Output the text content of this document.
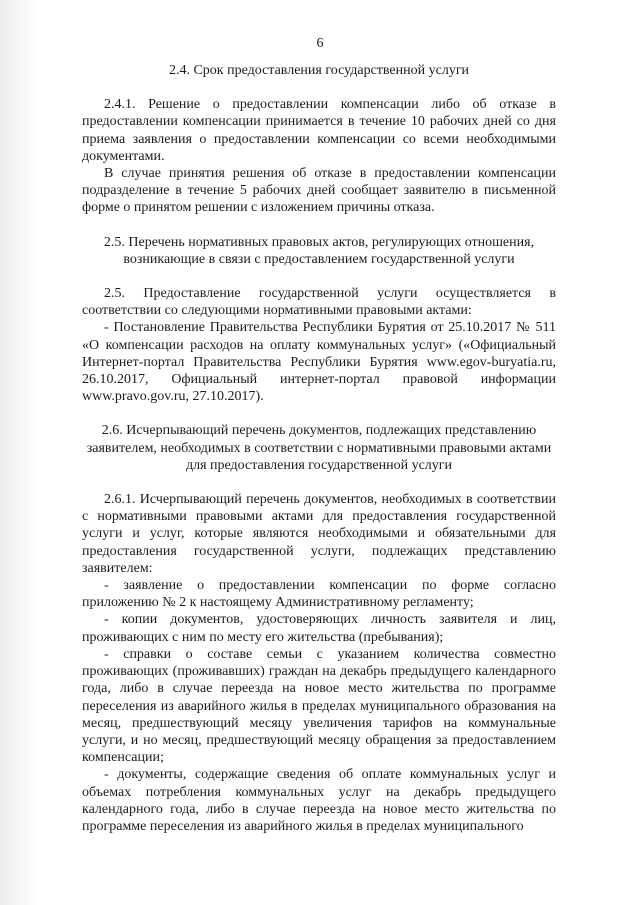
6

2.4. Срок предоставления государственной услуги

2.4.1. Решение о предоставлении компенсации либо об отказе в предоставлении компенсации принимается в течение 10 рабочих дней со дня приема заявления о предоставлении компенсации со всеми необходимыми документами.

В случае принятия решения об отказе в предоставлении компенсации подразделение в течение 5 рабочих дней сообщает заявителю в письменной форме о принятом решении с изложением причины отказа.

2.5. Перечень нормативных правовых актов, регулирующих отношения,

возникающие в связи с предоставлением государственной услуги

2.5. Предоставление государственной услуги осуществляется в соответствии со следующими нормативными правовыми актами:

- Постановление Правительства Республики Бурятия от 25.10.2017 № 511 «О компенсации расходов на оплату коммунальных услуг» («Официальный Интернет-портал Правительства Республики Бурятия www.egov-buryatia.ru, 26.10.2017, Официальный интернет-портал правовой информации www.pravo.gov.ru, 27.10.2017).

2.6. Исчерпывающий перечень документов, подлежащих представлению

заявителем, необходимых в соответствии с нормативными правовыми актами

для предоставления государственной услуги

2.6.1. Исчерпывающий перечень документов, необходимых в соответствии с нормативными правовыми актами для предоставления государственной услуги и услуг, которые являются необходимыми и обязательными для предоставления государственной услуги, подлежащих представлению заявителем:

- заявление о предоставлении компенсации по форме согласно приложению № 2 к настоящему Административному регламенту;

- копии документов, удостоверяющих личность заявителя и лиц, проживающих с ним по месту его жительства (пребывания);

- справки о составе семьи с указанием количества совместно проживающих (проживавших) граждан на декабрь предыдущего календарного года, либо в случае переезда на новое место жительства по программе переселения из аварийного жилья в пределах муниципального образования на месяц, предшествующий месяцу увеличения тарифов на коммунальные услуги, и но месяц, предшествующий месяцу обращения за предоставлением компенсации;

- документы, содержащие сведения об оплате коммунальных услуг и объемах потребления коммунальных услуг на декабрь предыдущего календарного года, либо в случае переезда на новое место жительства по программе переселения из аварийного жилья в пределах муниципального
